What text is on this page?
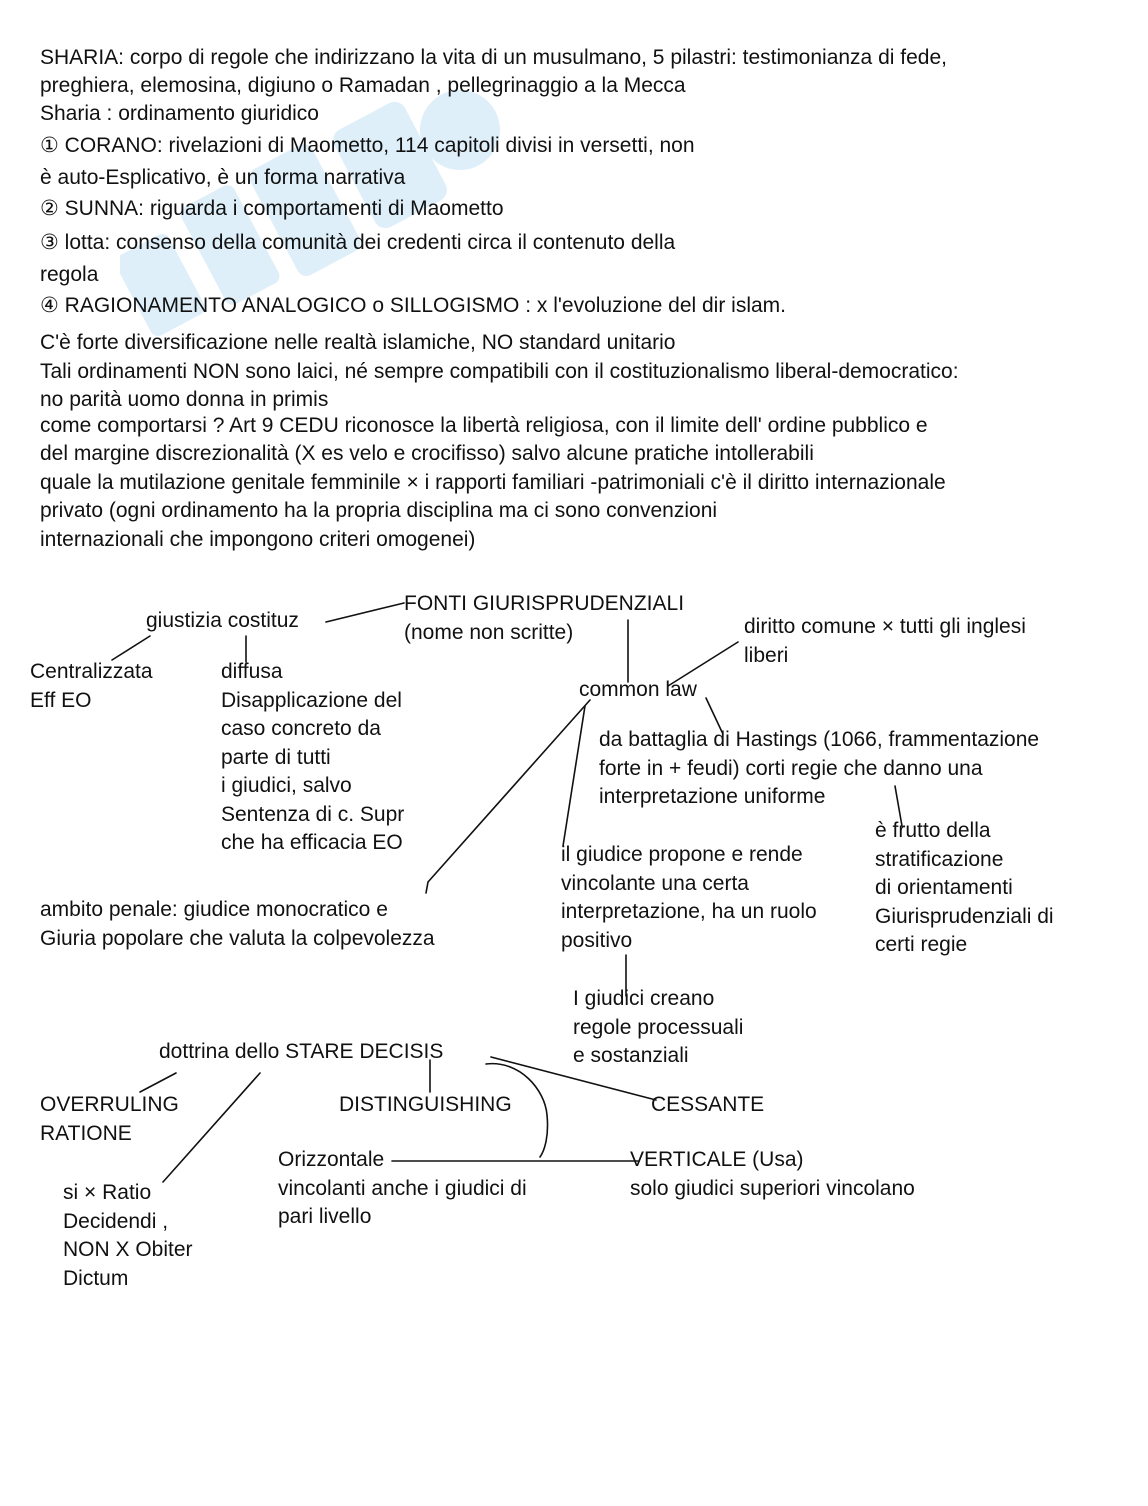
SHARIA: corpo di regole che indirizzano la vita di un musulmano, 5 pilastri: testimonianza di fede,
preghiera, elemosina, digiuno o Ramadan , pellegrinaggio a la Mecca
Sharia : ordinamento giuridico
① CORANO: rivelazioni di Maometto, 114 capitoli divisi in versetti, non
è auto-Esplicativo, è un forma narrativa
② SUNNA: riguarda i comportamenti di Maometto
③ lotta: consenso della comunità dei credenti circa il contenuto della
regola
④ RAGIONAMENTO ANALOGICO o SILLOGISMO : x l'evoluzione del dir islam.
C'è forte diversificazione nelle realtà islamiche, NO standard unitario
Tali ordinamenti NON sono laici, né sempre compatibili con il costituzionalismo liberal-democratico:
no parità uomo donna in primis
come comportarsi ? Art 9 CEDU riconosce la libertà religiosa, con il limite dell' ordine pubblico e
del margine discrezionalità (X es velo e crocifisso) salvo alcune pratiche intollerabili
quale la mutilazione genitale femminile × i rapporti familiari -patrimoniali c'è il diritto internazionale
privato (ogni ordinamento ha la propria disciplina ma ci sono convenzioni
internazionali che impongono criteri omogenei)
giustizia costituz
FONTI GIURISPRUDENZIALI
(nome non scritte)
Centralizzata
Eff EO
diffusa
Disapplicazione del
caso concreto da
parte di tutti
i giudici, salvo
Sentenza di c. Supr
che ha efficacia EO
diritto comune × tutti gli inglesi
liberi
common law
da battaglia di Hastings (1066, frammentazione
forte in + feudi) corti regie che danno una
interpretazione uniforme
è frutto della
stratificazione
di orientamenti
Giurisprudenziali di
certi regie
il giudice propone e rende
vincolante una certa
interpretazione, ha un ruolo
positivo
ambito penale: giudice monocratico e
Giuria popolare che valuta la colpevolezza
I giudici creano
regole processuali
e sostanziali
dottrina dello STARE DECISIS
OVERRULING
RATIONE
DISTINGUISHING	CESSANTE
Orizzontale
vincolanti anche i giudici di
pari livello
VERTICALE (Usa)
solo giudici superiori vincolano
si × Ratio
Decidendi ,
NON X Obiter
Dictum
